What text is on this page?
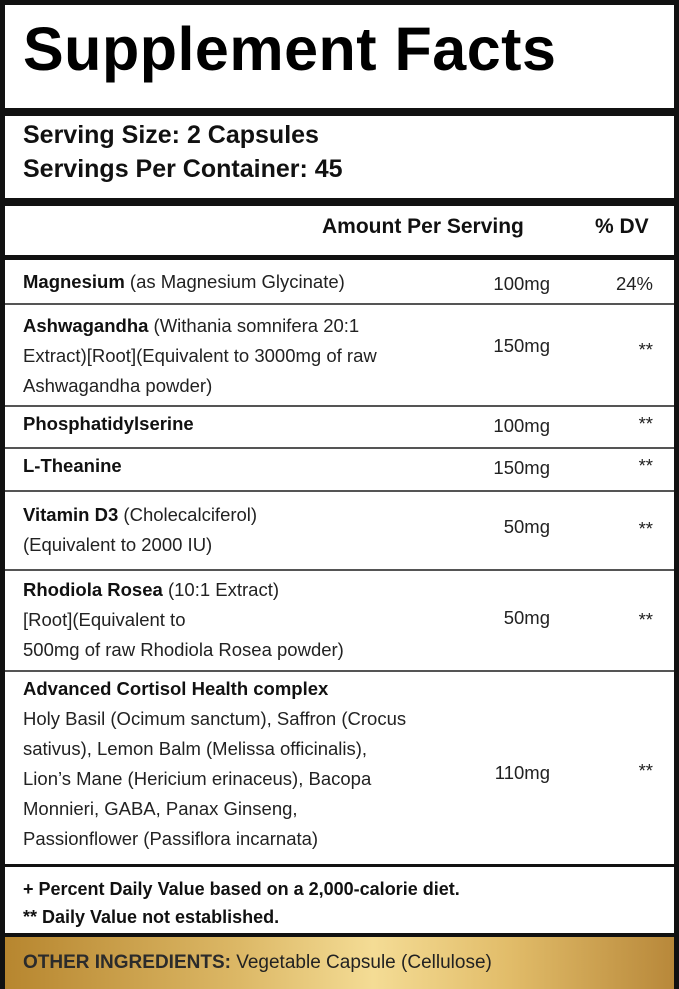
Supplement Facts
Serving Size: 2 Capsules
Servings Per Container: 45
Amount Per Serving	% DV
Magnesium (as Magnesium Glycinate)	100mg	24%
Ashwagandha (Withania somnifera 20:1
Extract)[Root](Equivalent to 3000mg of raw
Ashwagandha powder)
150mg	**
Phosphatidylserine	100mg	**
L-Theanine	150mg	**
Vitamin D3 (Cholecalciferol)
(Equivalent to 2000 IU)
50mg	**
Rhodiola Rosea (10:1 Extract)
[Root](Equivalent to
500mg of raw Rhodiola Rosea powder)
50mg	**
Advanced Cortisol Health complex
Holy Basil (Ocimum sanctum), Saffron (Crocus
sativus), Lemon Balm (Melissa officinalis),
Lion’s Mane (Hericium erinaceus), Bacopa
Monnieri, GABA, Panax Ginseng,
Passionflower (Passiflora incarnata)
110mg	**
+ Percent Daily Value based on a 2,000-calorie diet.
** Daily Value not established.
OTHER INGREDIENTS: Vegetable Capsule (Cellulose)
